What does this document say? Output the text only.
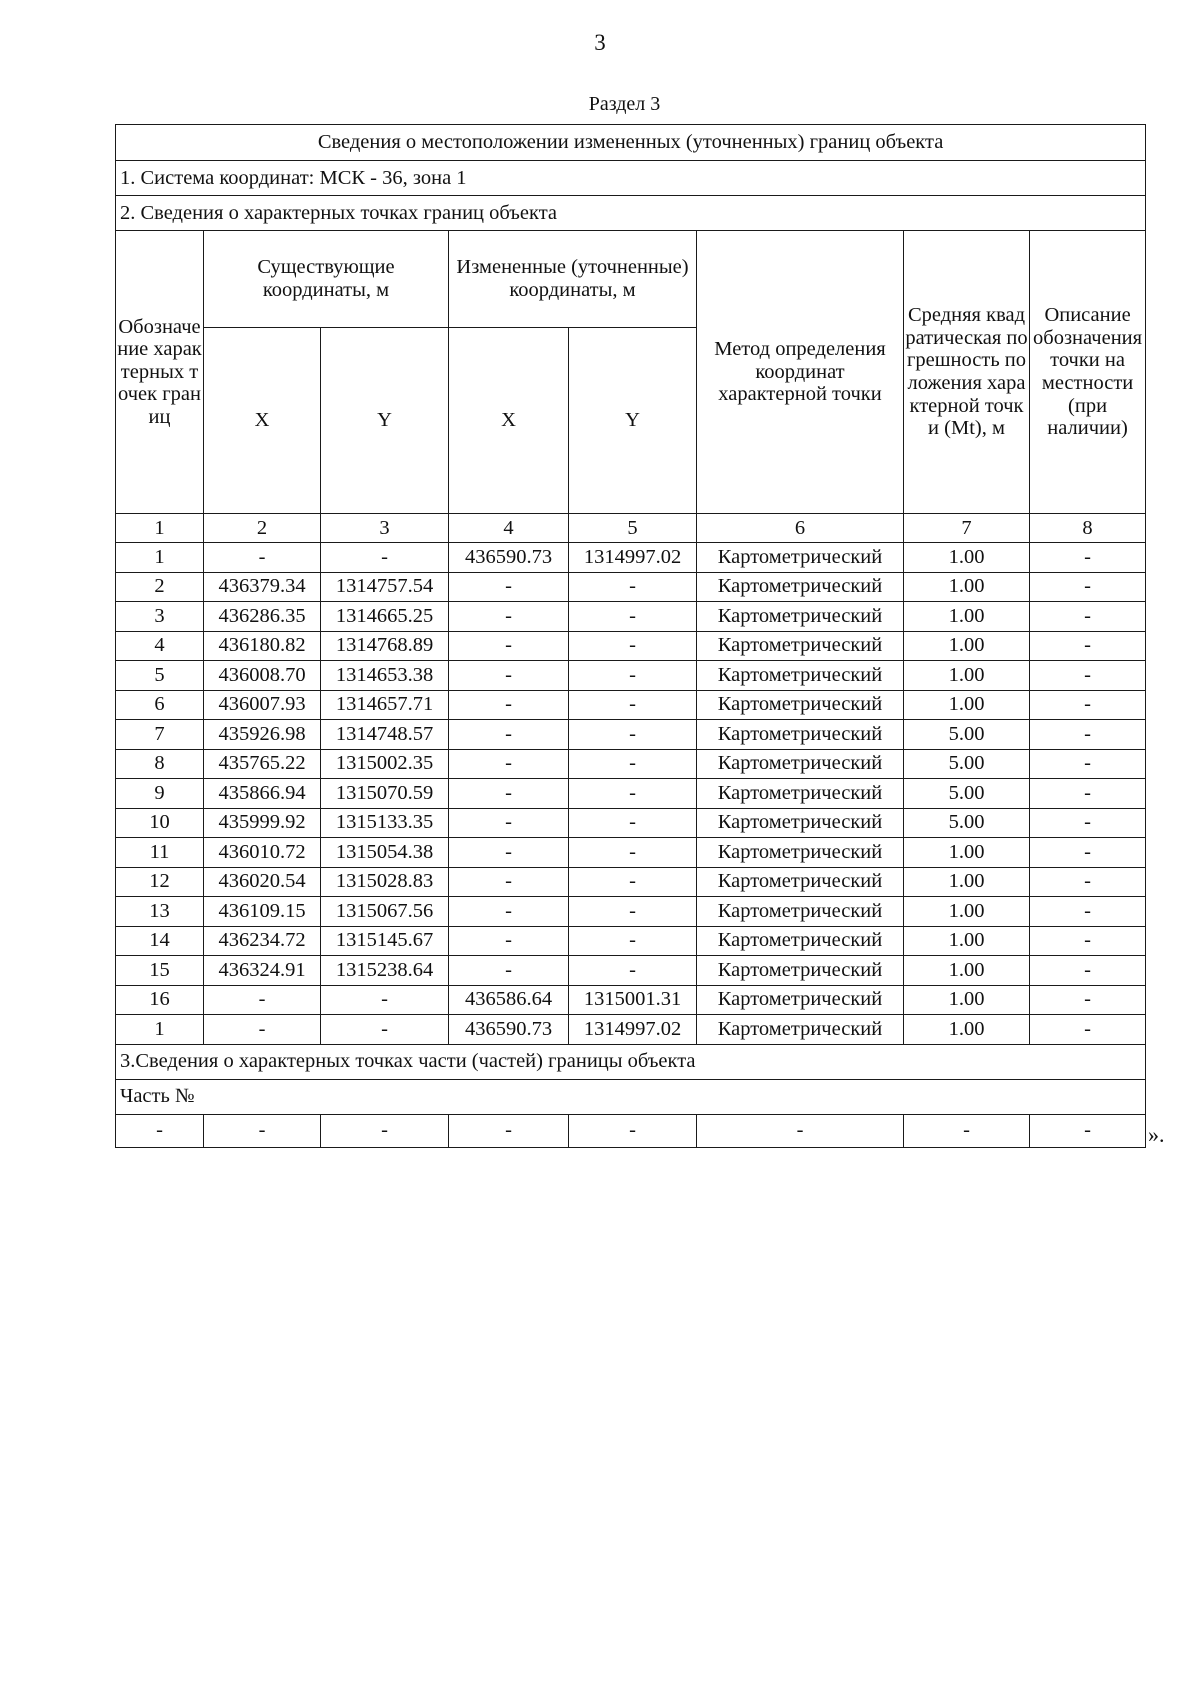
3
Раздел 3
Сведения о местоположении измененных (уточненных) границ объекта							
1. Система координат: МСК - 36, зона 1							
2. Сведения о характерных точках границ объекта							
Обозначение характерных точек границ	Существующие координаты, м		Измененные (уточненные) координаты, м		Метод определения координат характерной точки	Средняя квадратическая погрешность положения характерной точки (Mt), м	Описание обозначения точки на местности (при наличии)
	X	Y	X	Y			
1	2	3	4	5	6	7	8
1	-	-	436590.73	1314997.02	Картометрический	1.00	-
2	436379.34	1314757.54	-	-	Картометрический	1.00	-
3	436286.35	1314665.25	-	-	Картометрический	1.00	-
4	436180.82	1314768.89	-	-	Картометрический	1.00	-
5	436008.70	1314653.38	-	-	Картометрический	1.00	-
6	436007.93	1314657.71	-	-	Картометрический	1.00	-
7	435926.98	1314748.57	-	-	Картометрический	5.00	-
8	435765.22	1315002.35	-	-	Картометрический	5.00	-
9	435866.94	1315070.59	-	-	Картометрический	5.00	-
10	435999.92	1315133.35	-	-	Картометрический	5.00	-
11	436010.72	1315054.38	-	-	Картометрический	1.00	-
12	436020.54	1315028.83	-	-	Картометрический	1.00	-
13	436109.15	1315067.56	-	-	Картометрический	1.00	-
14	436234.72	1315145.67	-	-	Картометрический	1.00	-
15	436324.91	1315238.64	-	-	Картометрический	1.00	-
16	-	-	436586.64	1315001.31	Картометрический	1.00	-
1	-	-	436590.73	1314997.02	Картометрический	1.00	-
3.Сведения о характерных точках части (частей) границы объекта							
Часть №							
-	-	-	-	-	-	-	-	».
